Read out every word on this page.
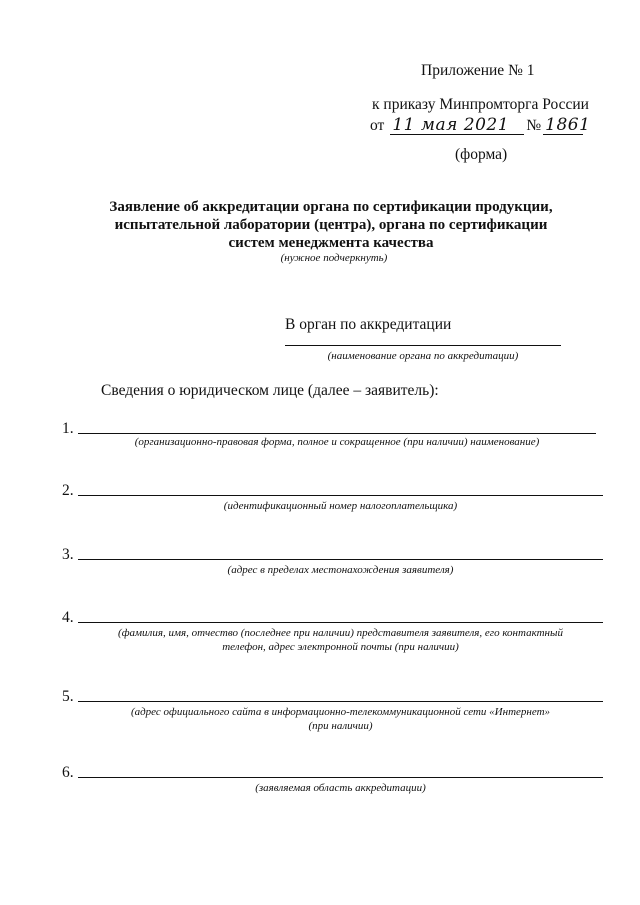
Приложение № 1
к приказу Минпромторга России
от 11 мая 2021	№ 1861
(форма)
Заявление об аккредитации органа по сертификации продукции,
испытательной лаборатории (центра), органа по сертификации
систем менеджмента качества
(нужное подчеркнуть)
В орган по аккредитации
(наименование органа по аккредитации)
Сведения о юридическом лице (далее – заявитель):
1.
(организационно-правовая форма, полное и сокращенное (при наличии) наименование)
2.
(идентификационный номер налогоплательщика)
3.
(адрес в пределах местонахождения заявителя)
4.
(фамилия, имя, отчество (последнее при наличии) представителя заявителя, его контактный
телефон, адрес электронной почты (при наличии)
5.
(адрес официального сайта в информационно-телекоммуникационной сети «Интернет»
(при наличии)
6.
(заявляемая область аккредитации)
